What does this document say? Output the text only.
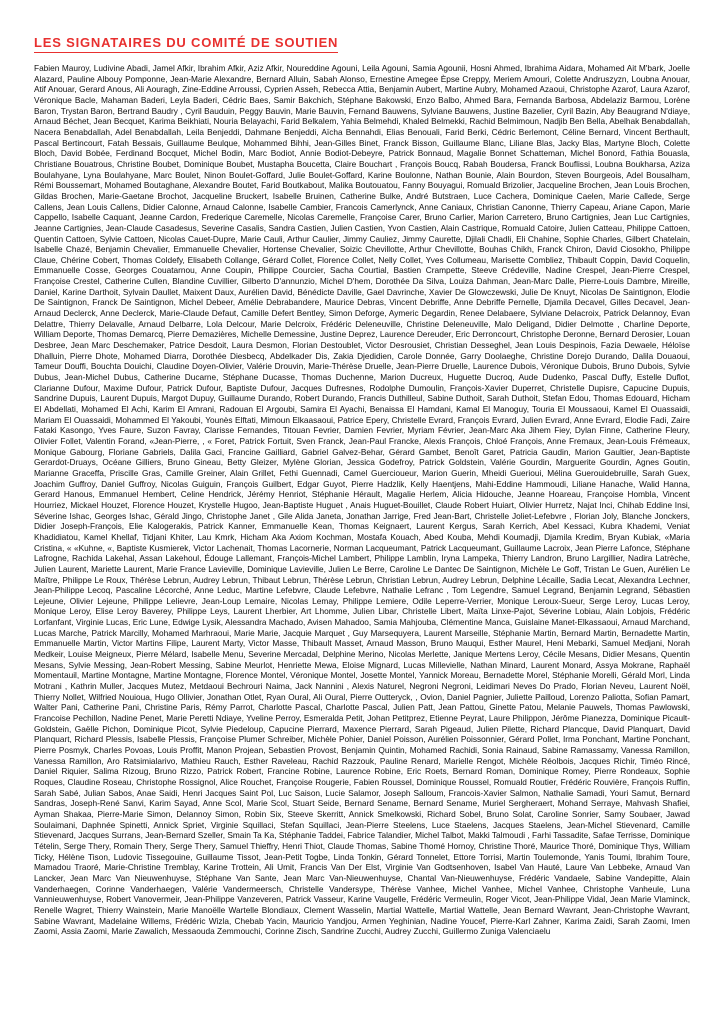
LES SIGNATAIRES DU COMITÉ DE SOUTIEN
Fabien Mauroy, Ludivine Abadi, Jamel Afkir, Ibrahim Afkir, Aziz Afkir, Noureddine Agouni, Leila Agouni, Samia Agounii, Hosni Ahmed, Ibrahima Aidara, Mohamed Ait M'bark, Joelle Alazard, Pauline Albouy Pomponne, Jean-Marie Alexandre, Bernard Alluin, Sabah Alonso, Ernestine Amegee Èpse Creppy, Meriem Amouri, Colette Andruszyzn, Loubna Anouar, Atif Anouar, Gerard Anous, Ali Aouragh, Zine-Eddine Arroussi, Cyprien Asseh, Rebecca Attia, Benjamin Aubert, Martine Aubry, Mohamed Azaoui, Christophe Azarof, Laura Azarof, Véronique Bacle, Mahaman Baderi, Leyla Baderi, Cédric Baes, Samir Bakchich, Stéphane Bakowski, Enzo Balbo, Ahmed Bara, Fernanda Barbosa, Abdelaziz Barmou, Lorène Baron, Trystan Baron, Bertrand Baudry , Cyril Bauduin, Peggy Bauvin, Marie Bauvin, Fernand Bauwens, Sylviane Bauwens, Justine Bazelier, Cyril Bazin, Aby Beaugrand N'diaye, Arnaud Béchet, Jean Becquet, Karima Beikhiati, Nouria Belayachi, Farid Belkalem, Yahia Belmehdi, Khaled Belmekki, Rachid Belmimoun, Nadjib Ben Bella, Abelhak Benabdallah, Nacera Benabdallah, Adel Benabdallah, Leila Benjeddi, Dahmane Benjeddi, Aïcha Bennahdi, Elias Benouali, Farid Berki, Cédric Berlemont, Céline Bernard, Vincent Berthault, Pascal Bertincourt, Fatah Bessais, Guillaume Beulque, Mohammed Bihhi, Jean-Gilles Binet, Franck Bisson, Guillaume Blanc, Liliane Blas, Jacky Blas, Martyne Bloch, Colette Bloch, David Bobée, Ferdinand Bocquet, Michel Bodin, Marc Bodiot, Annie Bodiot-Debeyre, Patrick Bonnaud, Magalie Bonnet Schatteman, Michel Bonord, Fathia Bouasla, Christiane Bouatrous, Christine Boubet, Dominique Boubet, Mustapha Boucetta, Claire Bouchart , François Boucq, Rabah Boudersa, Franck Bouflissi, Loubna Boukharsa, Aziza Boulahyane, Lyna Boulahyane, Marc Boulet, Ninon Boulet-Goffard, Julie Boulet-Goffard, Karine Boulonne, Nathan Bounie, Alain Bourdon, Steven Bourgeois, Adel Bousalham, Rémi Boussemart, Mohamed Boutaghane, Alexandre Boutet, Farid Boutkabout, Malika Boutouatou, Fanny Bouyagui, Romuald Brizolier, Jacqueline Brochen, Jean Louis Brochen, Gildas Brochen, Marie-Gaetane Brochot, Jacqueline Bruckert, Isabelle Bruinen, Catherine Bulke, André Butstraen, Luce Cachera, Dominique Caelen, Marie Callede, Serge Callens, Jean Louis Callens, Didier Calonne, Arnaud Calonne, Isabelle Cambier, Francois Camerlynck, Anne Caniaux, Christian Canonne, Thierry Capeau, Ariane Capon, Marie Cappello, Isabelle Caquant, Jeanne Cardon, Frederique Caremelle, Nicolas Caremelle, Françoise Carer, Bruno Carlier, Marion Carretero, Bruno Cartignies, Jean Luc Cartignies, Jeanne Cartignies, Jean-Claude Casadesus, Severine Casalis, Sandra Castien, Julien Castien, Yvon Castien, Alain Castrique, Romuald Catoire, Julien Catteau, Philippe Cattoen, Quentin Cattoen, Sylvie Cattoen, Nicolas Cauet-Dupre, Marie Cauli, Arthur Caulier, Jimmy Cauliez, Jimmy Caurette, Djilali Chadli, Eli Chahine, Sophie Charles, Gilbert Chatelain, Isabelle Chazé, Benjamin Chevalier, Emmanuelle Chevalier, Hortense Chevalier, Soizic Chevillotte, Arthur Chevillotte, Bouhas Chikh, Franck Chiron, David Ciosokho, Philippe Claue, Chérine Cobert, Thomas Coldefy, Elisabeth Collange, Gérard Collet, Florence Collet, Nelly Collet, Yves Collumeau, Marisette Combliez, Thibault Coppin, David Coquelin, Emmanuelle Cosse, Georges Couatarnou, Anne Coupin, Philippe Courcier, Sacha Courtial, Bastien Crampette, Steeve Crédeville, Nadine Crespel, Jean-Pierre Crespel, Françoise Crestel, Catherine Cullen, Blandine Cuvillier, Gilberto D'annunzio, Michel D'hem, Dorothée Da Silva, Louiza Dahman, Jean-Marc Dalle, Pierre-Louis Dambre, Mireille, Daniel, Karine Darthoit, Sylvain Daullet, Maixent Daux, Aurélien David, Bénédicte Daville, Gael Davrinche, Xavier De Glowczewski, Julie De Knuyt, Nicolas De Saintignon, Elodie De Saintignon, Franck De Saintignon, Michel Debeer, Amélie Debrabandere, Maurice Debras, Vincent Debriffe, Anne Debriffe Pernelle, Djamila Decavel, Gilles Decavel, Jean-Arnaud Declerck, Anne Declerck, Marie-Claude Defaut, Camille Defert Bentley, Simon Deforge, Aymeric Degardin, Renee Delabaere, Sylviane Delacroix, Patrick Delannoy, Evan Delattre, Thierry Delavalle, Arnaud Delbarre, Lola Delcour, Marie Delcroix, Frédéric Deleneuville, Christine Deleneuville, Malo Deligand, Didier Delmotte , Charline Deporte, William Deporte, Thomas Demarcq, Pierre Demazières, Michelle Demessine, Justine Deprez, Laurence Dereuder, Eric Derroncourt, Christophe Deronne, Bernard Derosier, Louan Desbree, Jean Marc Deschemaker, Patrice Desdoit, Laura Desmon, Florian Destoublet, Victor Desrousiet, Christian Desseghel, Jean Louis Despinois, Fazia Dewaele, Héloïse Dhalluin, Pierre Dhote, Mohamed Diarra, Dorothée Diesbecq, Abdelkader Dis, Zakia Djedidien, Carole Donnée, Garry Doolaeghe, Christine Dorejo Durando, Dalila Douaoui, Tameur Douffi, Bouchta Douichi, Claudine Doyen-Olivier, Valérie Drouvin, Marie-Thérèse Druelle, Jean-Pierre Druelle, Laurence Dubois, Véronique Dubois, Bruno Dubois, Sylvie Dubus, Jean-Michel Dubus, Catherine Ducarne, Stéphane Ducasse, Thomas Duchenne, Marion Ducreux, Huguette Ducroq, Aude Dudenko, Pascal Duffy, Estelle Duflot, Clarianne Dufour, Maxime Dufour, Patrick Dufour, Baptiste Dufour, Jacques Dufresnes, Rodolphe Dumoulin, François-Xavier Duperret, Christelle Dupisre, Capucine Dupuis, Sandrine Dupuis, Laurent Dupuis, Margot Dupuy, Guillaume Durando, Robert Durando, Francis Duthilleul, Sabine Duthoit, Sarah Duthoit, Stefan Edou, Thomas Edouard, Hicham El Abdellati, Mohamed El Achi, Karim El Amrani, Radouan El Argoubi, Samira El Ayachi, Benaissa El Hamdani, Kamal El Manoguy, Touria El Moussaoui, Kamel El Ouassaidi, Mariam El Ouassaidi, Mohammed El Yakoubi, Younès Elftati, Mimoun Elkaasaoui, Patrice Epery, Christelle Evrard, François Evrard, Julien Evrard, Anne Evrard, Elodie Fadi, Zaire Fataki Kasongo, Yves Faure, Suzon Favray, Clarisse Fernandes, Titouan Fevrier, Damien Fevrier, Myriam Février, Jean-Marc Aka Jihem Fiey, Dylan Finne, Catherine Fleury, Olivier Follet, Valentin Forand, «Jean-Pierre, , « Foret, Patrick Fortuit, Sven Franck, Jean-Paul Francke, Alexis François, Chloé François, Anne Fremaux, Jean-Louis Frémeaux, Monique Gabourg, Floriane Gabriels, Dalila Gaci, Francine Gailliard, Gabriel Galvez-Behar, Gérard Gambet, Benoît Garet, Patricia Gaudin, Marion Gaultier, Jean-Baptiste Gerardot-Druays, Océane Gilliers, Bruno Gineau, Betty Gleizer, Mylène Glorian, Jessica Godefroy, Patrick Goldstein, Valérie Gourdin, Marguerite Gourdin, Agnes Goutin, Marianne Graceffa, Priscille Gras, Camille Greiner, Alain Grillet, Fethi Guennadi, Camel Guercioueur, Marion Guerin, Mheidi Guerioui, Mélina Guerouidebruille, Sarah Guex, Joachim Guffroy, Daniel Guffroy, Nicolas Guiguin, François Guilbert, Edgar Guyot, Pierre Hadzlik, Kelly Haentjens, Mahi-Eddine Hammoudi, Liliane Hanache, Walid Hanna, Gerard Hanous, Emmanuel Hembert, Celine Hendrick, Jérémy Henriot, Stéphanie Hérault, Magalie Herlem, Alicia Hidouche, Jeanne Hoareau, Françoise Hombla, Vincent Hourriez, Mickael Houzet, Florence Houzet, Krystelle Hugoo, Jean-Baptiste Huguet , Anais Huguet-Bouillet, Claude Robert Huiart, Olivier Hurretz, Najat Inci, Chihab Eddine Insi, Séverine Ishac, Georges Ishac, Gérald Jingo, Christophe Janet , Gile Alida Janeta, Jonathan Jarrige, Fred Jean-Bart, Christelle Joliet-Lefebvre , Florian Joly, Blanche Jonckers, Didier Joseph-François, Elie Kalogerakis, Patrick Kanner, Emmanuelle Kean, Thomas Keignaert, Laurent Kergus, Sarah Kerrich, Abel Kessaci, Kubra Khademi, Veniat Khadidiatou, Kamel Khellaf, Tidjani Khiter, Lau Kmrk, Hicham Aka Axiom Kochman, Mostafa Kouach, Abed Kouba, Mehdi Koumadji, Djamila Kredim, Bryan Kubiak, «Maria Cristina, « «Kuhne, «, Baptiste Kusmierek, Victor Lachenait, Thomas Lacornerie, Norman Lacqueumant, Patrick Lacqueumant, Guillaume Lacroix, Jean Pierre Lafonce, Stéphane Lafrogne, Rachida Lakehal, Assan Lakehoul, Édouge Lallemant, François-Michel Lambert, Philippe Lamblin, Iryna Lampeka, Thierry Landron, Bruno Largillier, Nadira Latrèche, Julien Laurent, Mariette Laurent, Marie France Lavieville, Dominique Lavieville, Julien Le Berre, Caroline Le Dantec De Saintignon, Michèle Le Goff, Tristan Le Guen, Aurélien Le Maître, Philippe Le Roux, Thérèse Lebrun, Audrey Lebrun, Thibaut Lebrun, Thérèse Lebrun, Christian Lebrun, Audrey Lebrun, Delphine Lécaille, Sadia Lecat, Alexandra Lechner, Jean-Philippe Lecoq, Pascaline Lécorché, Anne Leduc, Martine Lefebvre, Claude Lefebvre, Nathalie Lefranc , Tom Legendre, Samuel Legrand, Benjamin Legrand, Sébastien Lejeune, Olivier Lejeune, Philippe Lelievre, Jean-Loup Lemaire, Nicolas Lemay, Philippe Lemiere, Odile Leperre-Verrier, Monique Leroux-Sueur, Serge Leroy, Lucas Leroy, Monique Leroy, Elise Leroy Baverey, Philippe Leys, Laurent Lherbier, Art Lhomme, Julien Libar, Christelle Libert, Maïta Linxe-Pajot, Séverine Lobiau, Alain Lobjois, Frédéric Lorfanfant, Virginie Lucas, Eric Lune, Edwige Lysik, Alessandra Machado, Avisen Mahadoo, Samia Mahjouba, Clémentine Manca, Guislaine Manet-Elkassaoui, Arnaud Marchand, Lucas Marche, Patrick Marcilly, Mohamed Marhraoui, Marie Marie, Jacquie Marquet , Guy Marsequyera, Laurent Marseille, Stéphanie Martin, Bernard Martin, Bernadette Martin, Emmanuelle Martin, Victor Martins Filipe, Laurent Marty, Victor Masse, Thibault Masset, Arnaud Masson, Bruno Mauqui, Esther Maurel, Heni Mebarki, Samuel Medjani, Norah Medkeir, Louise Meigneux, Pierre Mélard, Isabelle Menu, Severine Mercadal, Delphine Merino, Nicolas Merlette, Janique Mertens Leroy, Cécile Mesans, Didier Mesans, Quentin Mesans, Sylvie Messing, Jean-Robert Messing, Sabine Meurlot, Henriette Mewa, Eloise Mignard, Lucas Millevielle, Nathan Minard, Laurent Monard, Assya Mokrane, Raphaël Momentauil, Martine Montagne, Martine Montagne, Florence Montel, Véronique Montel, Josette Montel, Yannick Moreau, Bernadette Morel, Stéphanie Morelli, Gérald Morl, Linda Motrani , Kathrin Muller, Jacques Mutez, Metdaoui Bechrouri Naima, Jack Nannini , Alexis Naturel, Negroni Negroni, Leidimari Neves Do Prado, Florian Neveu, Laurent Noël, Thierry Nollet, Wilfried Nouioua, Hugo Ollivier, Jonathan Otlet, Ryan Oural, Ali Oural, Pierre Outteryck, , Ovion, Daniel Pagnier, Juliette Pailloud, Lorenzo Paliotta, Sofian Pamart, Walter Pani, Catherine Pani, Christine Paris, Rémy Parrot, Charlotte Pascal, Charlotte Pascal, Julien Patt, Jean Pattou, Ginette Patou, Melanie Pauwels, Thomas Pawlowski, Francoise Pechillon, Nadine Penet, Marie Peretti Ndiaye, Yveline Perroy, Esmeralda Petit, Johan Petitprez, Etienne Peyrat, Laure Philippon, Jérôme Pianezza, Dominique Picault-Goldstein, Gaëlle Pichon, Dominique Picot, Sylvie Piedeloup, Capucine Pierrard, Maxence Pierrard, Sarah Pigeaud, Julien Pilette, Richard Plancque, David Planquart, David Planquart, Richard Plessis, Isabelle Plessis, Françoise Plumer Schreiber, Michèle Pohier, Daniel Poisson, Aurélien Poissonnier, Gérard Pollet, Irma Ponchant, Martine Ponchant, Pierre Posmyk, Charles Povoas, Louis Proffit, Manon Projean, Sebastien Provost, Benjamin Quintin, Mohamed Rachidi, Sonia Rainaud, Sabine Ramassamy, Vanessa Ramillon, Vanessa Ramillon, Aro Ratsimialarivo, Mathieu Rauch, Esther Raveleau, Rachid Razzouk, Pauline Renard, Marielle Rengot, Michèle Réolbois, Jacques Richir, Timéo Rincé, Daniel Riquier, Salima Rizoug, Bruno Rizzo, Patrick Robert, Francine Robine, Laurence Robine, Eric Roets, Bernard Roman, Dominique Romey, Pierre Rondeaux, Sophie Roques, Claudine Roseau, Christophe Rossignol, Alice Rouchet, Françoise Rougerie, Fabien Roussel, Dominique Roussel, Romuald Routier, Frédéric Rouvière, François Ruffin, Sarah Sabé, Julian Sabos, Anae Saidi, Henri Jacques Saint Pol, Luc Saison, Lucie Salamor, Joseph Salloum, Francois-Xavier Salmon, Nathalie Samadi, Youri Samut, Bernard Sandras, Joseph-René Sanvi, Karim Sayad, Anne Scol, Marie Scol, Stuart Seide, Bernard Sename, Bernard Sename, Muriel Sergheraert, Mohand Serraye, Mahvash Shafiei, Ayman Shakaa, Pierre-Marie Simon, Delannoy Simon, Robin Six, Steeve Skerritt, Annick Smelkowski, Richard Sobel, Bruno Solat, Caroline Sonrier, Samy Soubaer, Jawad Soulaimani, Daphnée Spinetti, Annick Spriet, Virginie Squillaci, Stefan Squillaci, Jean-Pierre Steelens, Luce Staelens, Jacques Staelens, Jean-Michel Stievenard, Camille Stievenard, Jacques Surrans, Jean-Bernard Szeller, Smain Ta Ka, Stéphanie Taddei, Fabrice Talandier, Michel Talbot, Makki Talmoudi , Farhi Tassadite, Safae Terrisse, Dominique Tételin, Serge Thery, Romain Thery, Serge Thery, Samuel Thieffry, Henri Thiot, Claude Thomas, Sabine Thomé Hornoy, Christine Thoré, Maurice Thoré, Dominique Thys, William Ticky, Hélène Tison, Ludovic Tissegouine, Guillaume Tissot, Jean-Petit Togbe, Linda Tonkin, Gérard Tonnelet, Ettore Torrisi, Martin Toulemonde, Yanis Toumi, Ibrahim Toure, Mamadou Traoré, Marie-Christine Tremblay, Karine Trottein, Ali Umit, Francis Van Der Elst, Virginie Van Godtsenhoven, Isabel Van Hauté, Laure Van Lebbeke, Arnaud Van Lancker, Jean Marc Van Nieuwenhuyse, Stéphane Van Sante, Jean Marc Van-Nieuwenhuyse, Chantal Van-Nieuwenhuyse, Frédéric Vandaele, Sabine Vandepitte, Alain Vanderhaegen, Corinne Vanderhaegen, Valérie Vandermeersch, Christelle Vandersype, Thérèse Vanhee, Michel Vanhee, Michel Vanhee, Christophe Vanheule, Luna Vannieuwenhuyse, Robert Vanovermeir, Jean-Philippe Vanzeveren, Patrick Vasseur, Karine Vaugelle, Frédéric Vermeulin, Roger Vicot, Jean-Philippe Vidal, Jean Marie Vlaminck, Renelle Wagret, Thierry Wainstein, Marie Manoëlle Wartelle Blondiaux, Clement Wasselin, Martial Wattelle, Martial Wattelle, Jean Bernard Wavrant, Jean-Christophe Wavrant, Sabine Wavrant, Madelaine Willems, Frédéric Wizla, Chebab Yacin, Mauricio Yandjou, Armen Yeghinian, Nadine Youcef, Pierre-Karl Zahner, Karima Zaidi, Sarah Zaomi, Imen Zaomi, Assia Zaomi, Marie Zawalich, Messaouda Zemmouchi, Corinne Zisch, Sandrine Zucchi, Audrey Zucchi, Guillermo Zuniga Valenciaelu
